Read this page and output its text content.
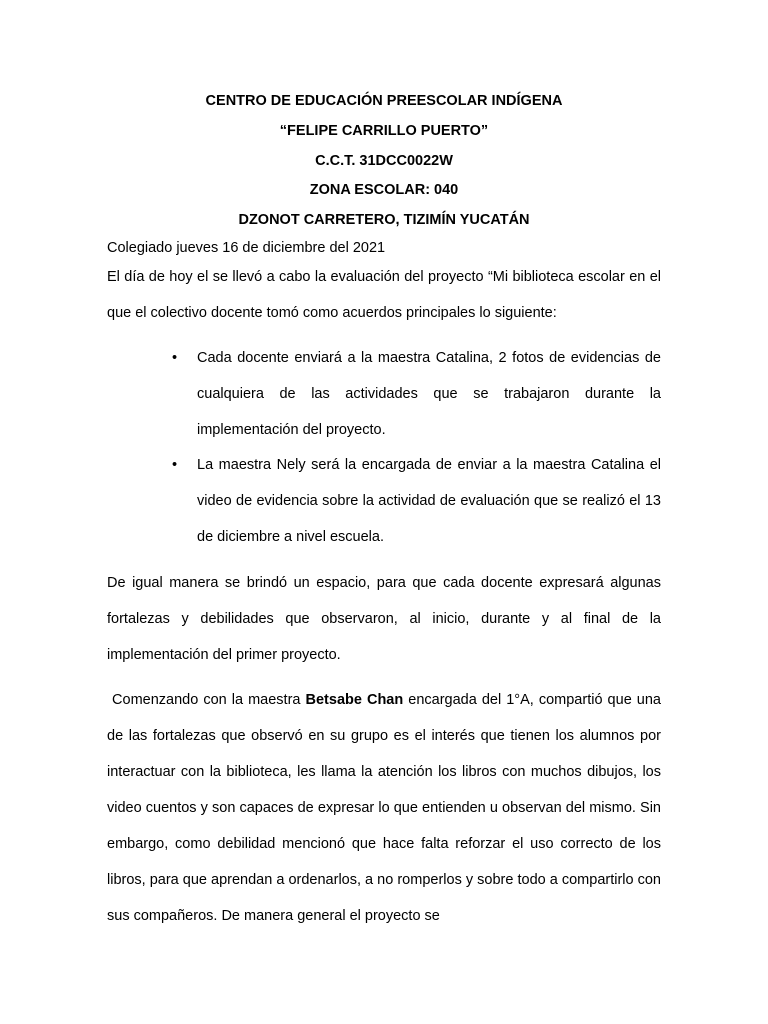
CENTRO DE EDUCACIÓN PREESCOLAR INDÍGENA
“FELIPE CARRILLO PUERTO”
C.C.T. 31DCC0022W
ZONA ESCOLAR: 040
DZONOT CARRETERO, TIZIMÍN YUCATÁN
Colegiado jueves 16 de diciembre del 2021

El día de hoy el se llevó a cabo la evaluación del proyecto “Mi biblioteca escolar en el que el colectivo docente tomó como acuerdos principales lo siguiente:

• Cada docente enviará a la maestra Catalina, 2 fotos de evidencias de cualquiera de las actividades que se trabajaron durante la implementación del proyecto.

• La maestra Nely será la encargada de enviar a la maestra Catalina el video de evidencia sobre la actividad de evaluación que se realizó el 13 de diciembre a nivel escuela.

De igual manera se brindó un espacio, para que cada docente expresará algunas fortalezas y debilidades que observaron, al inicio, durante y al final de la implementación del primer proyecto.

Comenzando con la maestra Betsabe Chan encargada del 1°A, compartió que una de las fortalezas que observó en su grupo es el interés que tienen los alumnos por interactuar con la biblioteca, les llama la atención los libros con muchos dibujos, los video cuentos y son capaces de expresar lo que entienden u observan del mismo. Sin embargo, como debilidad mencionó que hace falta reforzar el uso correcto de los libros, para que aprendan a ordenarlos, a no romperlos y sobre todo a compartirlo con sus compañeros. De manera general el proyecto se
